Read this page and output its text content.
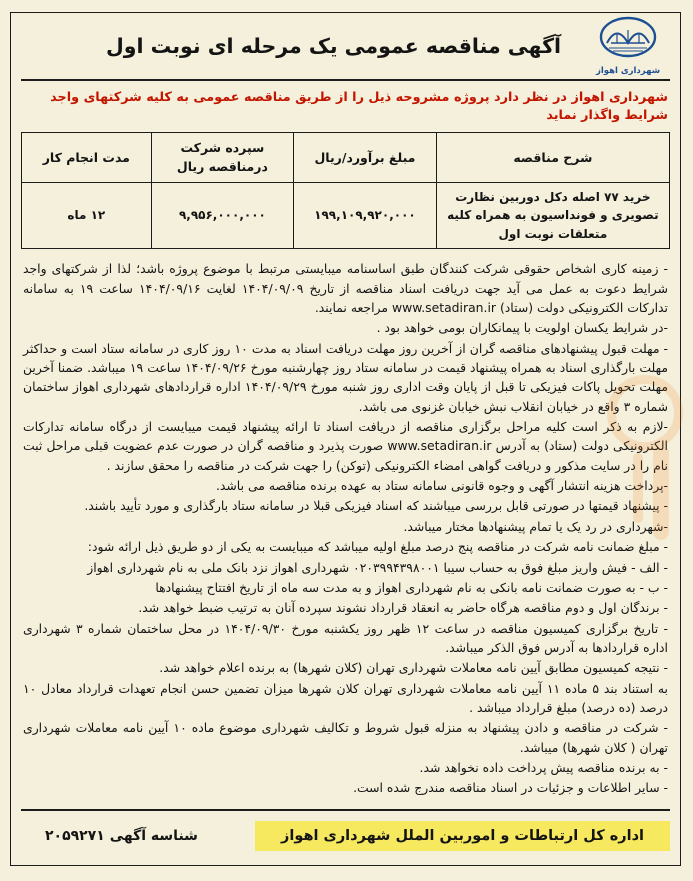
آگهی مناقصه عمومی یک مرحله ای نوبت اول
شهرداری اهواز
شهرداری اهواز در نظر دارد پروژه مشروحه ذیل را از طریق مناقصه عمومی به کلیه شرکتهای واجد شرایط واگذار نماید
شرح مناقصه	مبلغ برآورد/ریال	سپرده شرکت درمناقصه ریال	مدت انجام کار
خرید ۷۷ اصله دکل دوربین نظارت تصویری و فونداسیون به همراه کلیه متعلقات نوبت اول	۱۹۹,۱۰۹,۹۲۰,۰۰۰	۹,۹۵۶,۰۰۰,۰۰۰	۱۲ ماه

- زمینه کاری اشخاص حقوقی شرکت کنندگان طبق اساسنامه میبایستی مرتبط با موضوع پروژه باشد؛ لذا از شرکتهای واجد شرایط دعوت به عمل می آید جهت دریافت اسناد مناقصه از تاریخ ۱۴۰۴/۰۹/۰۹ لغایت ۱۴۰۴/۰۹/۱۶ ساعت ۱۹ به سامانه تدارکات الکترونیکی دولت (ستاد) www.setadiran.ir مراجعه نمایند.

-در شرایط یکسان اولویت با پیمانکاران بومی خواهد بود .

- مهلت قبول پیشنهادهای مناقصه گران از آخرین روز مهلت دریافت اسناد به مدت ۱۰ روز کاری در سامانه ستاد است و حداکثر مهلت بارگذاری اسناد به همراه پیشنهاد قیمت در سامانه ستاد روز چهارشنبه مورخ ۱۴۰۴/۰۹/۲۶ ساعت ۱۹ میباشد. ضمنا آخرین مهلت تحویل پاکات فیزیکی تا قبل از پایان وقت اداری روز شنبه مورخ ۱۴۰۴/۰۹/۲۹ اداره قراردادهای شهرداری اهواز ساختمان شماره ۳ واقع در خیابان انقلاب نبش خیابان غزنوی می باشد.

-لازم به ذکر است کلیه مراحل برگزاری مناقصه از دریافت اسناد تا ارائه پیشنهاد قیمت میبایست از درگاه سامانه تدارکات الکترونیکی دولت (ستاد) به آدرس www.setadiran.ir صورت پذیرد و مناقصه گران در صورت عدم عضویت قبلی مراحل ثبت نام را در سایت مذکور و دریافت گواهی امضاء الکترونیکی (توکن) را جهت شرکت در مناقصه را محقق سازند .

-پرداخت هزینه انتشار آگهی و وجوه قانونی سامانه ستاد به عهده برنده مناقصه می باشد.

- پیشنهاد قیمتها در صورتی قابل بررسی میباشند که اسناد فیزیکی قبلا در سامانه ستاد بارگذاری و مورد تأیید باشند.

-شهرداری در رد یک یا تمام پیشنهادها مختار میباشد.

- مبلغ ضمانت نامه شرکت در مناقصه پنج درصد مبلغ اولیه میباشد که میبایست به یکی از دو طریق ذیل ارائه شود:

- الف - فیش واریز مبلغ فوق به حساب سیبا ۰۲۰۳۹۹۴۳۹۸۰۰۱ شهرداری اهواز نزد بانک ملی به نام شهرداری اهواز

- ب - به صورت ضمانت نامه بانکی به نام شهرداری اهواز و به مدت سه ماه از تاریخ افتتاح پیشنهادها

- برندگان اول و دوم مناقصه هرگاه حاضر به انعقاد قرارداد نشوند سپرده آنان به ترتیب ضبط خواهد شد.

- تاریخ برگزاری کمیسیون مناقصه در ساعت ۱۲ ظهر روز یکشنبه مورخ ۱۴۰۴/۰۹/۳۰ در محل ساختمان شماره ۳ شهرداری اداره قراردادها به آدرس فوق الذکر میباشد.

- نتیجه کمیسیون مطابق آیین نامه معاملات شهرداری تهران (کلان شهرها) به برنده اعلام خواهد شد.

به استناد بند ۵ ماده ۱۱ آیین نامه معاملات شهرداری تهران کلان شهرها میزان تضمین حسن انجام تعهدات قرارداد معادل ۱۰ درصد (ده درصد) مبلغ قرارداد میباشد .

- شرکت در مناقصه و دادن پیشنهاد به منزله قبول شروط و تکالیف شهرداری موضوع ماده ۱۰ آیین نامه معاملات شهرداری تهران ( کلان شهرها) میباشد.

- به برنده مناقصه پیش پرداخت داده نخواهد شد.

- سایر اطلاعات و جزئیات در اسناد مناقصه مندرج شده است.

اداره کل ارتباطات و اموربین الملل شهرداری اهواز
شناسه آگهی ۲۰۵۹۲۷۱
